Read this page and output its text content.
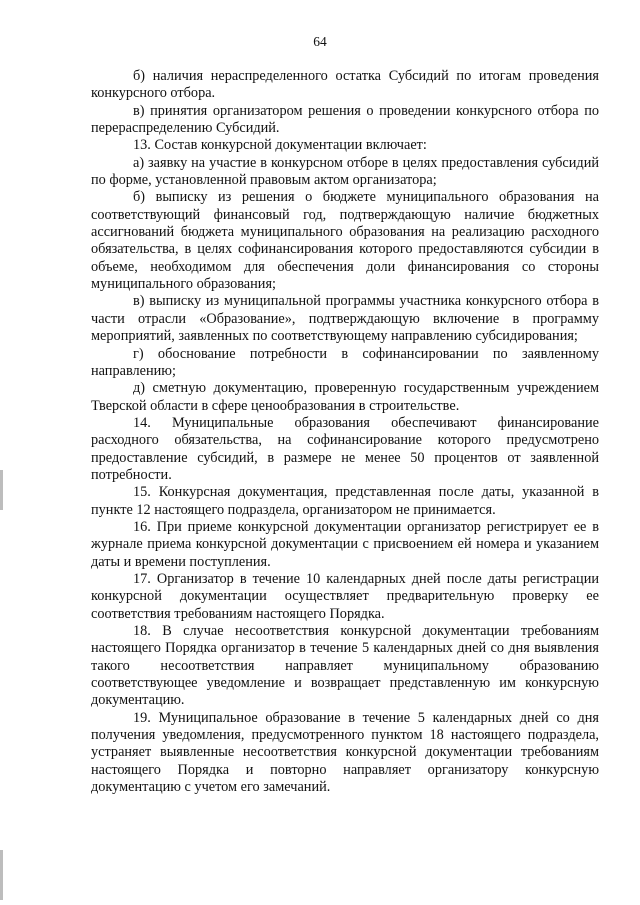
64

б) наличия нераспределенного остатка Субсидий по итогам проведения конкурсного отбора.

в) принятия организатором решения о проведении конкурсного отбора по перераспределению Субсидий.

13. Состав конкурсной документации включает:

а) заявку на участие в конкурсном отборе в целях предоставления субсидий по форме, установленной правовым актом организатора;

б) выписку из решения о бюджете муниципального образования на соответствующий финансовый год, подтверждающую наличие бюджетных ассигнований бюджета муниципального образования на реализацию расходного обязательства, в целях софинансирования которого предоставляются субсидии в объеме, необходимом для обеспечения доли финансирования со стороны муниципального образования;

в) выписку из муниципальной программы участника конкурсного отбора в части отрасли «Образование», подтверждающую включение в программу мероприятий, заявленных по соответствующему направлению субсидирования;

г) обоснование потребности в софинансировании по заявленному направлению;

д) сметную документацию, проверенную государственным учреждением Тверской области в сфере ценообразования в строительстве.

14. Муниципальные образования обеспечивают финансирование расходного обязательства, на софинансирование которого предусмотрено предоставление субсидий, в размере не менее 50 процентов от заявленной потребности.

15. Конкурсная документация, представленная после даты, указанной в пункте 12 настоящего подраздела, организатором не принимается.

16. При приеме конкурсной документации организатор регистрирует ее в журнале приема конкурсной документации с присвоением ей номера и указанием даты и времени поступления.

17. Организатор в течение 10 календарных дней после даты регистрации конкурсной документации осуществляет предварительную проверку ее соответствия требованиям настоящего Порядка.

18. В случае несоответствия конкурсной документации требованиям настоящего Порядка организатор в течение 5 календарных дней со дня выявления такого несоответствия направляет муниципальному образованию соответствующее уведомление и возвращает представленную им конкурсную документацию.

19. Муниципальное образование в течение 5 календарных дней со дня получения уведомления, предусмотренного пунктом 18 настоящего подраздела, устраняет выявленные несоответствия конкурсной документации требованиям настоящего Порядка и повторно направляет организатору конкурсную документацию с учетом его замечаний.
